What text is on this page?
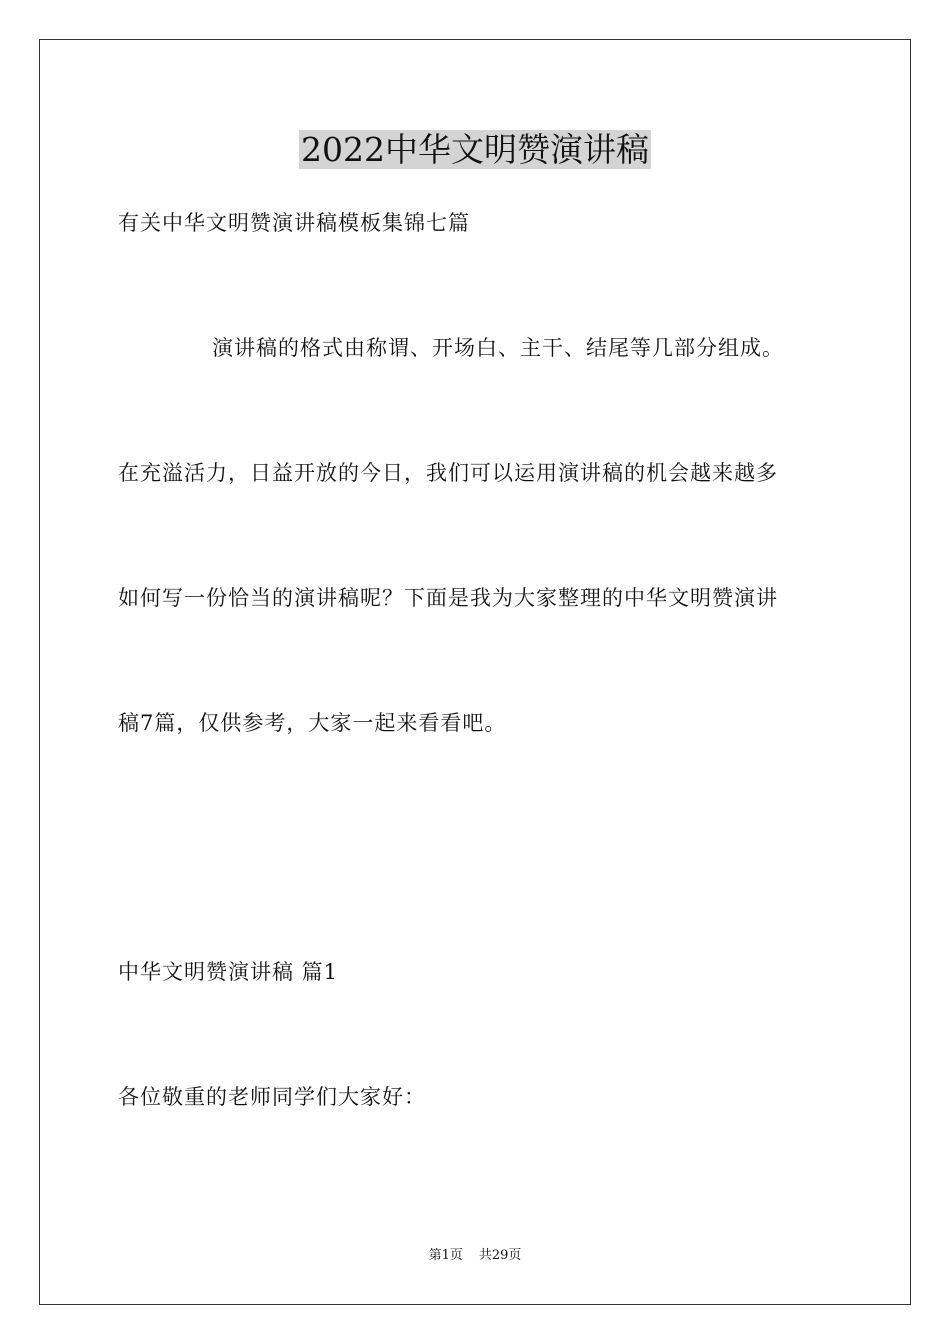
2022中华文明赞演讲稿

有关中华文明赞演讲稿模板集锦七篇

演讲稿的格式由称谓、开场白、主干、结尾等几部分组成。

在充溢活力，日益开放的今日，我们可以运用演讲稿的机会越来越多

如何写一份恰当的演讲稿呢？下面是我为大家整理的中华文明赞演讲

稿7篇，仅供参考，大家一起来看看吧。

中华文明赞演讲稿 篇1

各位敬重的老师同学们大家好：

第1页 共29页
